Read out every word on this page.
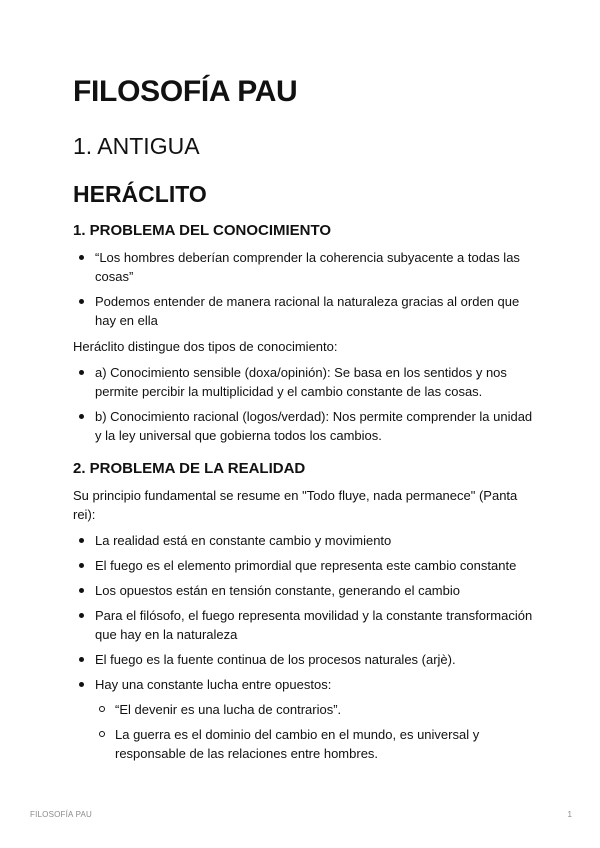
FILOSOFÍA PAU
1. ANTIGUA
HERÁCLITO
1. PROBLEMA DEL CONOCIMIENTO
“Los hombres deberían comprender la coherencia subyacente a todas las cosas”
Podemos entender de manera racional la naturaleza gracias al orden que hay en ella

Heráclito distingue dos tipos de conocimiento:

a) Conocimiento sensible (doxa/opinión): Se basa en los sentidos y nos permite percibir la multiplicidad y el cambio constante de las cosas.
b) Conocimiento racional (logos/verdad): Nos permite comprender la unidad y la ley universal que gobierna todos los cambios.
2. PROBLEMA DE LA REALIDAD

Su principio fundamental se resume en "Todo fluye, nada permanece" (Panta rei):

La realidad está en constante cambio y movimiento
El fuego es el elemento primordial que representa este cambio constante
Los opuestos están en tensión constante, generando el cambio
Para el filósofo, el fuego representa movilidad y la constante transformación que hay en la naturaleza
El fuego es la fuente continua de los procesos naturales (arjè).
Hay una constante lucha entre opuestos:
“El devenir es una lucha de contrarios”.
La guerra es el dominio del cambio en el mundo, es universal y responsable de las relaciones entre hombres.
FILOSOFÍA PAU	1
